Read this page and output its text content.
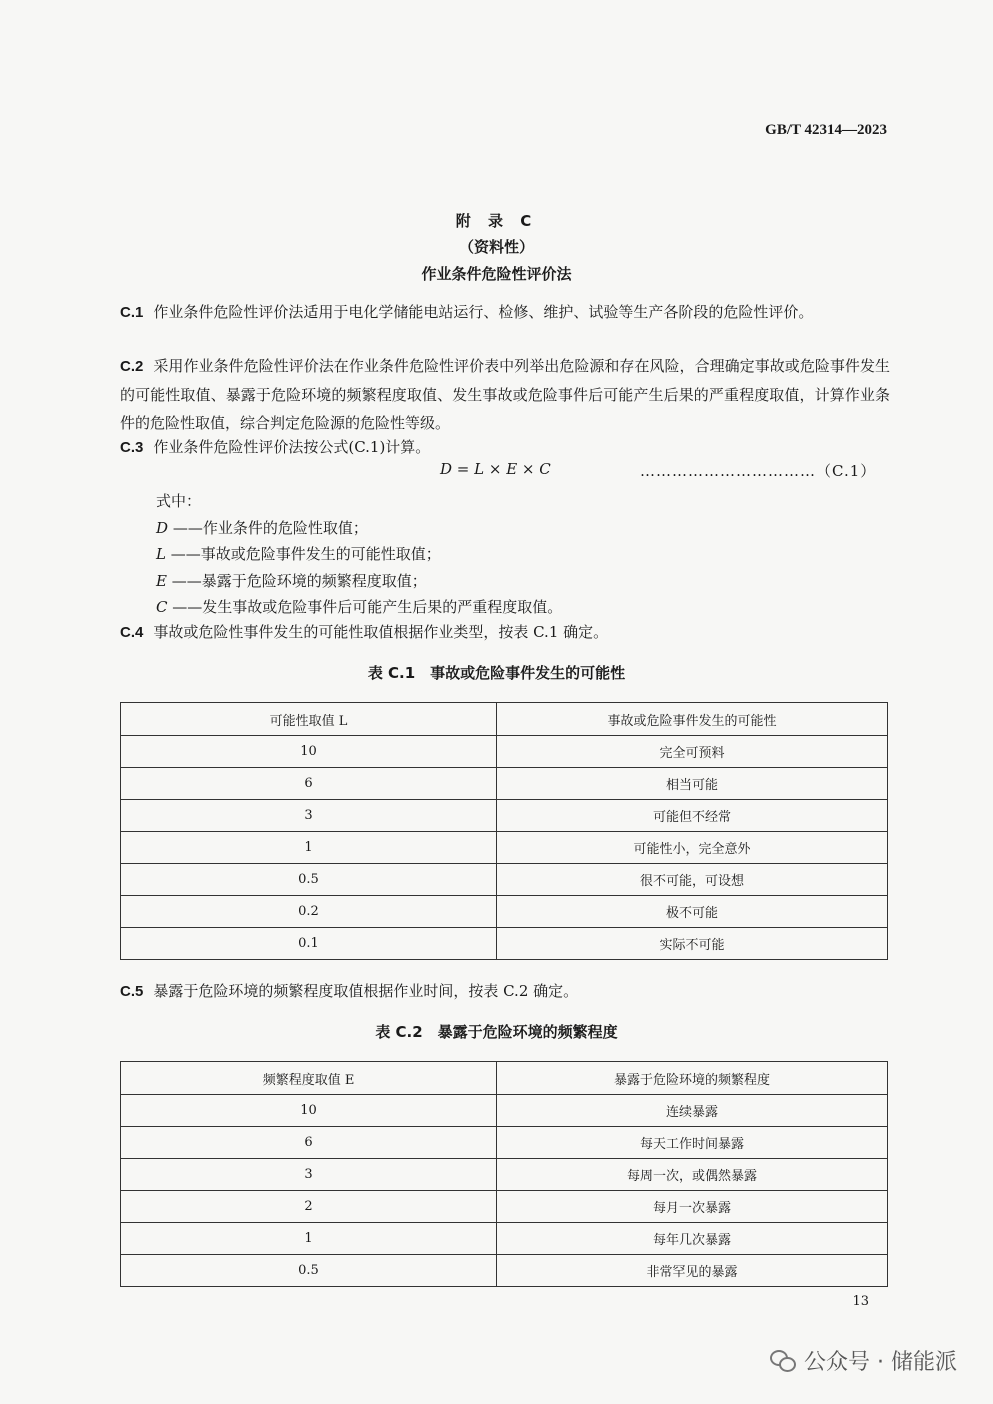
GB/T 42314—2023
附 录 C
（资料性）
作业条件危险性评价法
C.1 作业条件危险性评价法适用于电化学储能电站运行、检修、维护、试验等生产各阶段的危险性评价。
C.2 采用作业条件危险性评价法在作业条件危险性评价表中列举出危险源和存在风险，合理确定事故或危险事件发生的可能性取值、暴露于危险环境的频繁程度取值、发生事故或危险事件后可能产生后果的严重程度取值，计算作业条件的危险性取值，综合判定危险源的危险性等级。
C.3 作业条件危险性评价法按公式(C.1)计算。
D = L × E × C	……………………………（C.1）
式中：
D ——作业条件的危险性取值；
L ——事故或危险事件发生的可能性取值；
E ——暴露于危险环境的频繁程度取值；
C ——发生事故或危险事件后可能产生后果的严重程度取值。
C.4 事故或危险性事件发生的可能性取值根据作业类型，按表 C.1 确定。
表 C.1　事故或危险事件发生的可能性
可能性取值 L	事故或危险事件发生的可能性
10	完全可预料
6	相当可能
3	可能但不经常
1	可能性小，完全意外
0.5	很不可能，可设想
0.2	极不可能
0.1	实际不可能
C.5 暴露于危险环境的频繁程度取值根据作业时间，按表 C.2 确定。
表 C.2　暴露于危险环境的频繁程度
频繁程度取值 E	暴露于危险环境的频繁程度
10	连续暴露
6	每天工作时间暴露
3	每周一次，或偶然暴露
2	每月一次暴露
1	每年几次暴露
0.5	非常罕见的暴露
13
公众号 · 储能派
